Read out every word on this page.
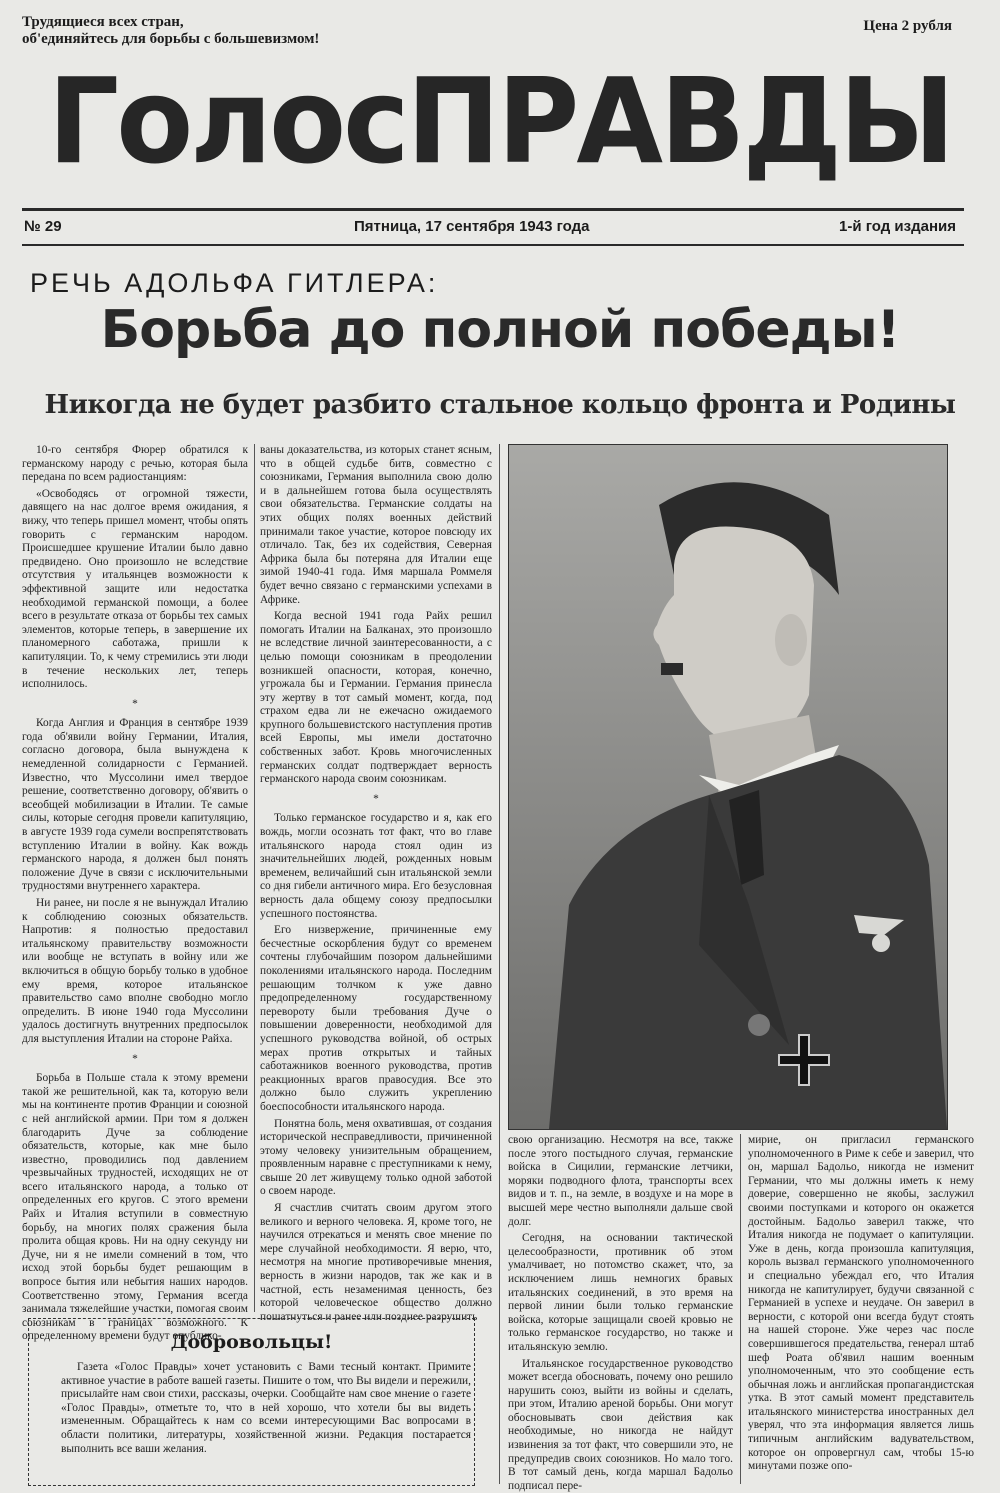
Трудящиеся всех стран,
об'единяйтесь для борьбы с большевизмом!
Цена 2 рубля
ГолосПРАВДЫ
№ 29	Пятница, 17 сентября 1943 года	1-й год издания
РЕЧЬ АДОЛЬФА ГИТЛЕРА:
Борьба до полной победы!
Никогда не будет разбито стальное кольцо фронта и Родины

10-го сентября Фюрер обратился к германскому народу с речью, которая была передана по всем радиостанциям:

«Освободясь от огромной тяжести, давящего на нас долгое время ожидания, я вижу, что теперь пришел момент, чтобы опять говорить с германским народом. Происшедшее крушение Италии было давно предвидено. Оно произошло не вследствие отсутствия у итальянцев возможности к эффективной защите или недостатка необходимой германской помощи, а более всего в результате отказа от борьбы тех самых элементов, которые теперь, в завершение их планомерного саботажа, пришли к капитуляции. То, к чему стремились эти люди в течение нескольких лет, теперь исполнилось.

*

Когда Англия и Франция в сентябре 1939 года об'явили войну Германии, Италия, согласно договора, была вынуждена к немедленной солидарности с Германией. Известно, что Муссолини имел твердое решение, соответственно договору, об'явить о всеобщей мобилизации в Италии. Те самые силы, которые сегодня провели капитуляцию, в августе 1939 года сумели воспрепятствовать вступлению Италии в войну. Как вождь германского народа, я должен был понять положение Дуче в связи с исключительными трудностями внутреннего характера.

Ни ранее, ни после я не вынуждал Италию к соблюдению союзных обязательств. Напротив: я полностью предоставил итальянскому правительству возможности или вообще не вступать в войну или же включиться в общую борьбу только в удобное ему время, которое итальянское правительство само вполне свободно могло определить. В июне 1940 года Муссолини удалось достигнуть внутренних предпосылок для выступления Италии на стороне Райха.

*

Борьба в Польше стала к этому времени такой же решительной, как та, которую вели мы на континенте против Франции и союзной с ней английской армии. При том я должен благодарить Дуче за соблюдение обязательств, которые, как мне было известно, проводились под давлением чрезвычайных трудностей, исходящих не от всего итальянского народа, а только от определенных его кругов. С этого времени Райх и Италия вступили в совместную борьбу, на многих полях сражения была пролита общая кровь. Ни на одну секунду ни Дуче, ни я не имели сомнений в том, что исход этой борьбы будет решающим в вопросе бытия или небытия наших народов. Соответственно этому, Германия всегда занимала тяжелейшие участки, помогая своим союзникам в границах возможного. К определенному времени будут опублико-

ваны доказательства, из которых станет ясным, что в общей судьбе битв, совместно с союзниками, Германия выполнила свою долю и в дальнейшем готова была осуществлять свои обязательства. Германские солдаты на этих общих полях военных действий принимали такое участие, которое повсюду их отличало. Так, без их содействия, Северная Африка была бы потеряна для Италии еще зимой 1940-41 года. Имя маршала Роммеля будет вечно связано с германскими успехами в Африке.

Когда весной 1941 года Райх решил помогать Италии на Балканах, это произошло не вследствие личной заинтересованности, а с целью помощи союзникам в преодолении возникшей опасности, которая, конечно, угрожала бы и Германии. Германия принесла эту жертву в тот самый момент, когда, под страхом едва ли не ежечасно ожидаемого крупного большевистского наступления против всей Европы, мы имели достаточно собственных забот. Кровь многочисленных германских солдат подтверждает верность германского народа своим союзникам.

*

Только германское государство и я, как его вождь, могли осознать тот факт, что во главе итальянского народа стоял один из значительнейших людей, рожденных новым временем, величайший сын итальянской земли со дня гибели античного мира. Его безусловная верность дала общему союзу предпосылки успешного постоянства.

Его низвержение, причиненные ему бесчестные оскорбления будут со временем сочтены глубочайшим позором дальнейшими поколениями итальянского народа. Последним решающим толчком к уже давно предопределенному государственному перевороту были требования Дуче о повышении доверенности, необходимой для успешного руководства войной, об острых мерах против открытых и тайных саботажников военного руководства, против реакционных врагов правосудия. Все это должно было служить укреплению боеспособности итальянского народа.

Понятна боль, меня охватившая, от создания исторической несправедливости, причиненной этому человеку унизительным обращением, проявленным наравне с преступниками к нему, свыше 20 лет живущему только одной заботой о своем народе.

Я счастлив считать своим другом этого великого и верного человека. Я, кроме того, не научился отрекаться и менять свое мнение по мере случайной необходимости. Я верю, что, несмотря на многие противоречивые мнения, верность в жизни народов, так же как и в частной, есть незаменимая ценность, без которой человеческое общество должно пошатнуться и ранее или позднее разрушить

свою организацию. Несмотря на все, также после этого постыдного случая, германские войска в Сицилии, германские летчики, моряки подводного флота, транспорты всех видов и т. п., на земле, в воздухе и на море в высшей мере честно выполняли дальше свой долг.

Сегодня, на основании тактической целесообразности, противник об этом умалчивает, но потомство скажет, что, за исключением лишь немногих бравых итальянских соединений, в это время на первой линии были только германские войска, которые защищали своей кровью не только германское государство, но также и итальянскую землю.

Итальянское государственное руководство может всегда обосновать, почему оно решило нарушить союз, выйти из войны и сделать, при этом, Италию ареной борьбы. Они могут обосновывать свои действия как необходимые, но никогда не найдут извинения за тот факт, что совершили это, не предупредив своих союзников. Но мало того. В тот самый день, когда маршал Бадольо подписал пере-

мирие, он пригласил германского уполномоченного в Риме к себе и заверил, что он, маршал Бадольо, никогда не изменит Германии, что мы должны иметь к нему доверие, совершенно не якобы, заслужил своими поступками и которого он окажется достойным. Бадольо заверил также, что Италия никогда не подумает о капитуляции. Уже в день, когда произошла капитуляция, король вызвал германского уполномоченного и специально убеждал его, что Италия никогда не капитулирует, будучи связанной с Германией в успехе и неудаче. Он заверил в верности, с которой они всегда будут стоять на нашей стороне. Уже через час после совершившегося предательства, генерал штаб шеф Роата об'явил нашим военным уполномоченным, что это сообщение есть обычная ложь и английская пропагандистская утка. В этот самый момент представитель итальянского министерства иностранных дел уверял, что эта информация является лишь типичным английским вадувательством, которое он опровергнул сам, чтобы 15-ю минутами позже опо-

Добровольцы!
Газета «Голос Правды» хочет установить с Вами тесный контакт. Примите активное участие в работе вашей газеты. Пишите о том, что Вы видели и пережили, присылайте нам свои стихи, рассказы, очерки. Сообщайте нам свое мнение о газете «Голос Правды», отметьте то, что в ней хорошо, что хотели бы вы видеть измененным. Обращайтесь к нам со всеми интересующими Вас вопросами в области политики, литературы, хозяйственной жизни. Редакция постарается выполнить все ваши желания.
